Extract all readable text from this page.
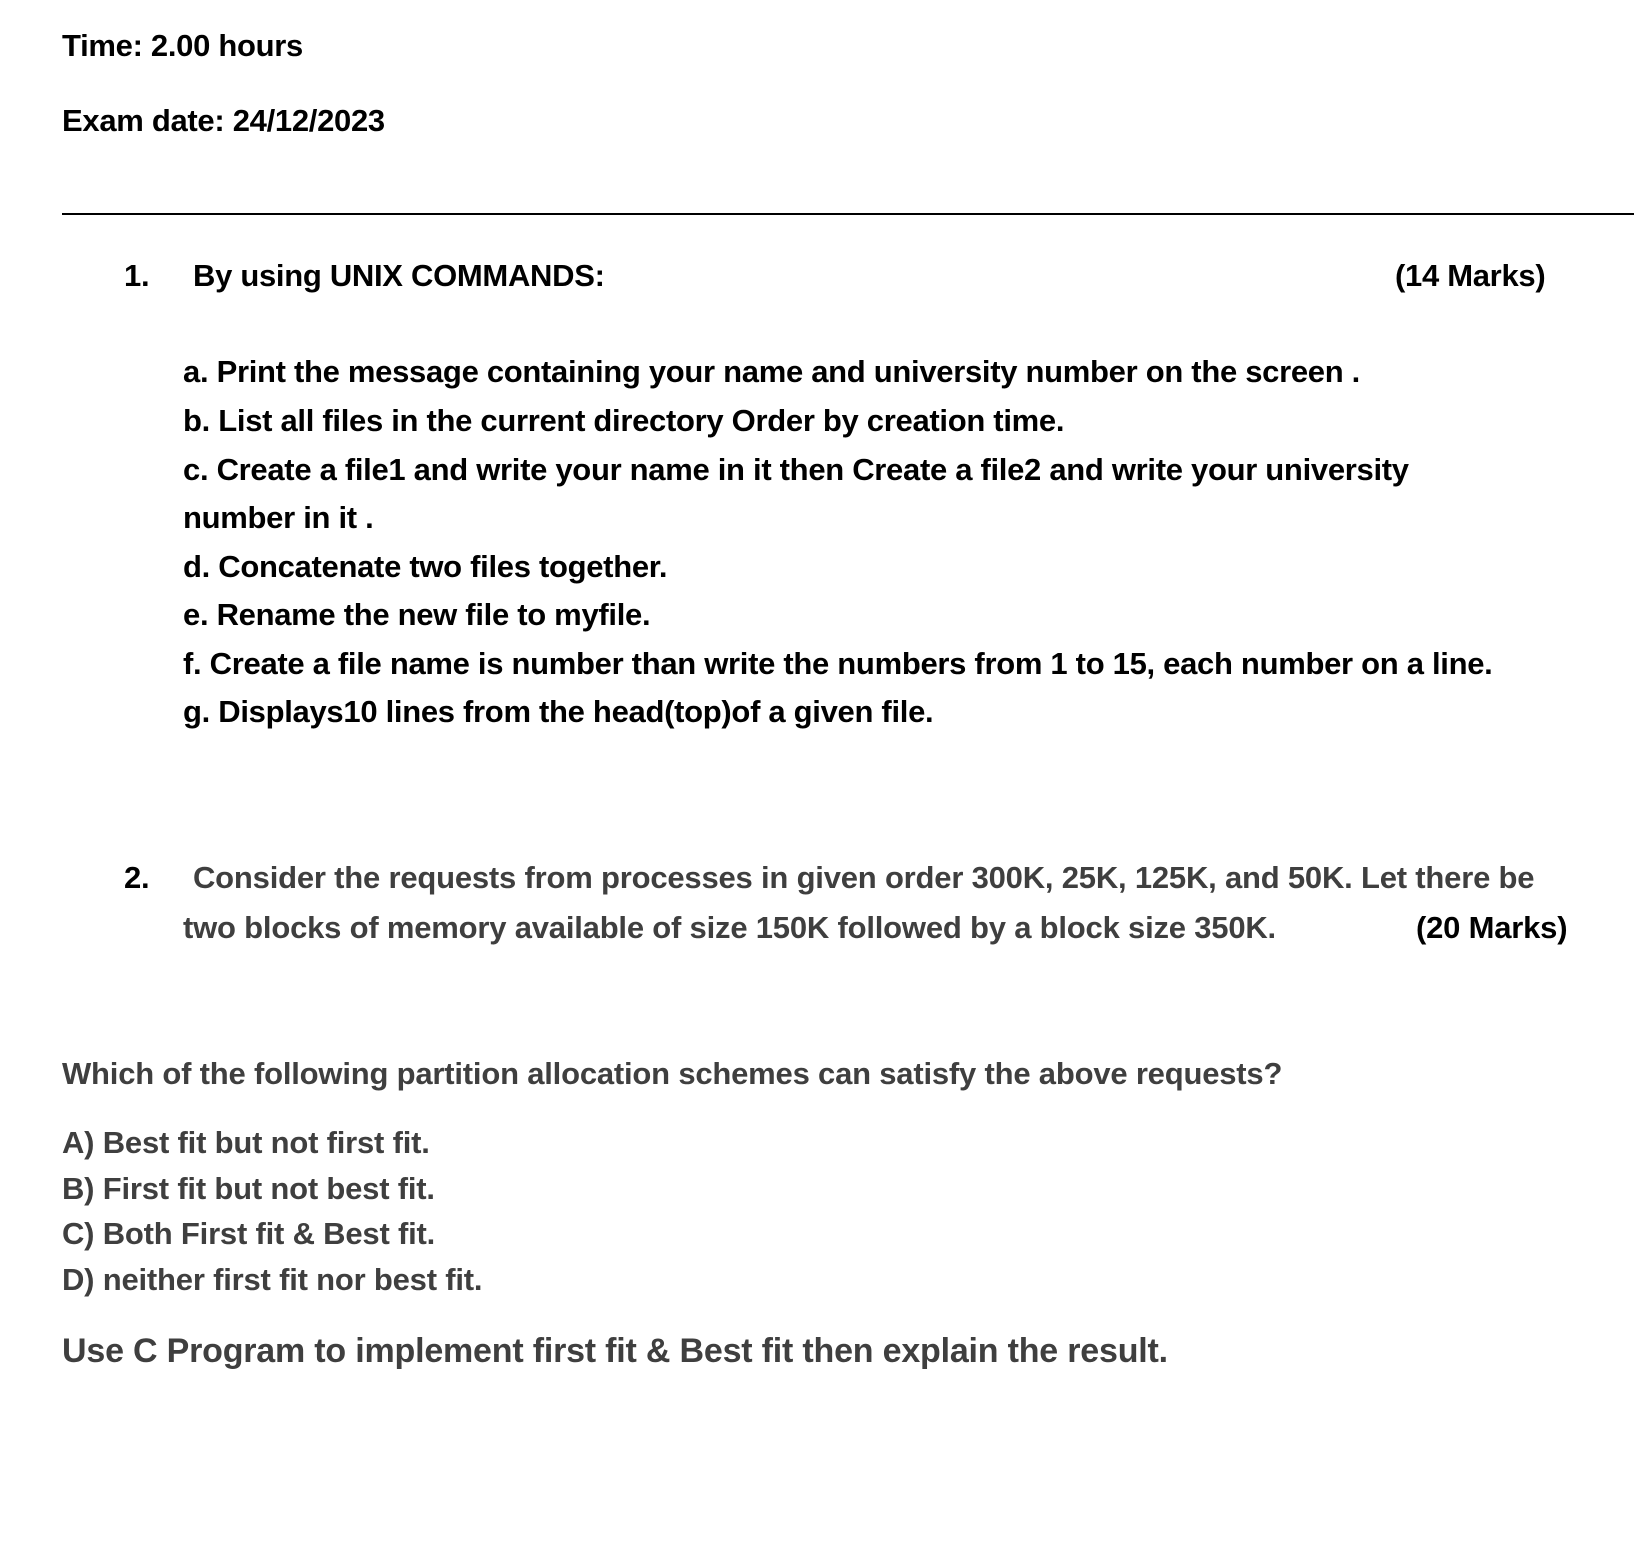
Time: 2.00 hours
Exam date: 24/12/2023
1. By using UNIX COMMANDS:	(14 Marks)
a. Print the message containing your name and university number on the screen .
b. List all files in the current directory Order by creation time.
c. Create a file1 and write your name in it then Create a file2 and write your university
number in it .
d. Concatenate two files together.
e. Rename the new file to myfile.
f. Create a file name is number than write the numbers from 1 to 15, each number on a line.
g. Displays10 lines from the head(top)of a given file.
2. Consider the requests from processes in given order 300K, 25K, 125K, and 50K. Let there be
two blocks of memory available of size 150K followed by a block size 350K.	(20 Marks)
Which of the following partition allocation schemes can satisfy the above requests?
A) Best fit but not first fit.
B) First fit but not best fit.
C) Both First fit & Best fit.
D) neither first fit nor best fit.
Use C Program to implement first fit & Best fit then explain the result.
